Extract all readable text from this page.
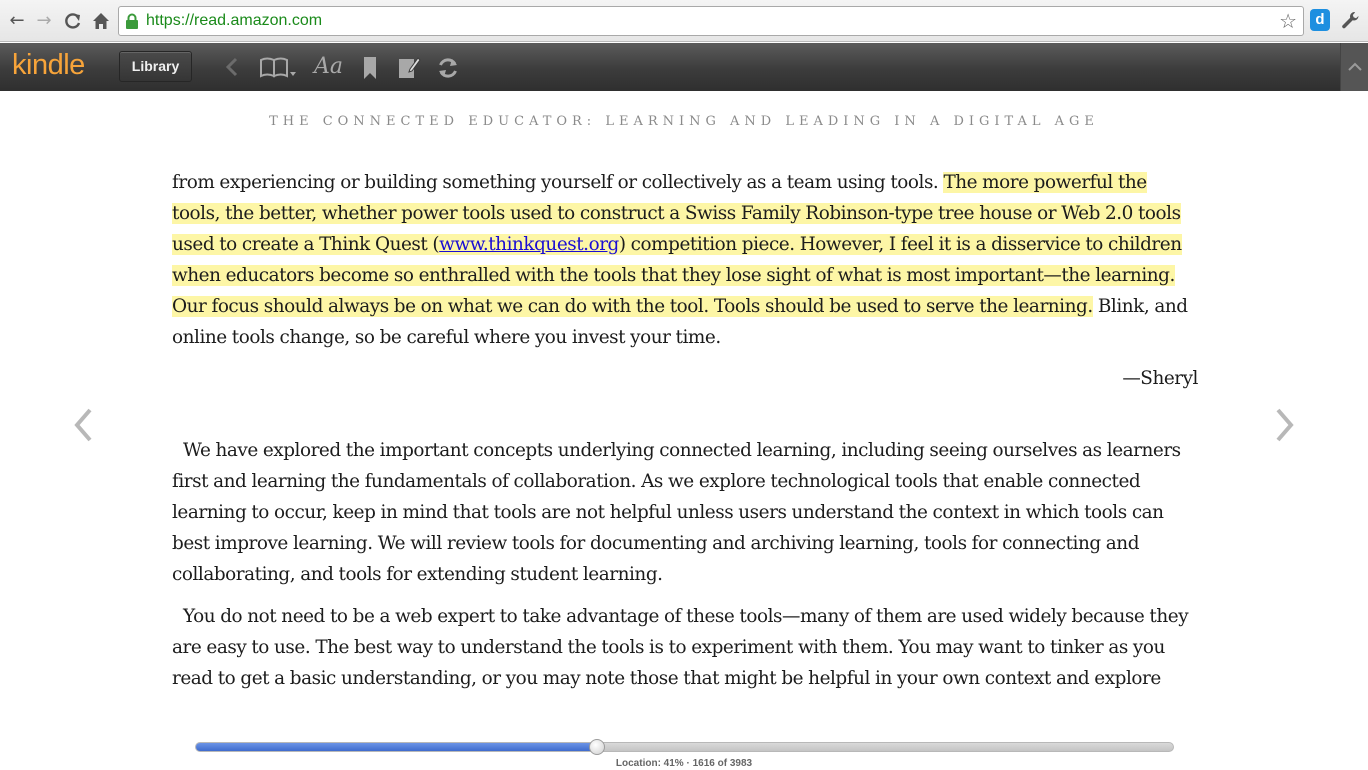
← →	https://read.amazon.com	☆	d
kindle	Library	Aa
THE CONNECTED EDUCATOR: LEARNING AND LEADING IN A DIGITAL AGE

from experiencing or building something yourself or collectively as a team using tools. The more powerful the tools, the better, whether power tools used to construct a Swiss Family Robinson-type tree house or Web 2.0 tools used to create a Think Quest (www.thinkquest.org) competition piece. However, I feel it is a disservice to children when educators become so enthralled with the tools that they lose sight of what is most important—the learning. Our focus should always be on what we can do with the tool. Tools should be used to serve the learning. Blink, and online tools change, so be careful where you invest your time.

—Sheryl

We have explored the important concepts underlying connected learning, including seeing ourselves as learners first and learning the fundamentals of collaboration. As we explore technological tools that enable connected learning to occur, keep in mind that tools are not helpful unless users understand the context in which tools can best improve learning. We will review tools for documenting and archiving learning, tools for connecting and collaborating, and tools for extending student learning.

You do not need to be a web expert to take advantage of these tools—many of them are used widely because they are easy to use. The best way to understand the tools is to experiment with them. You may want to tinker as you read to get a basic understanding, or you may note those that might be helpful in your own context and explore

Location: 41% · 1616 of 3983
